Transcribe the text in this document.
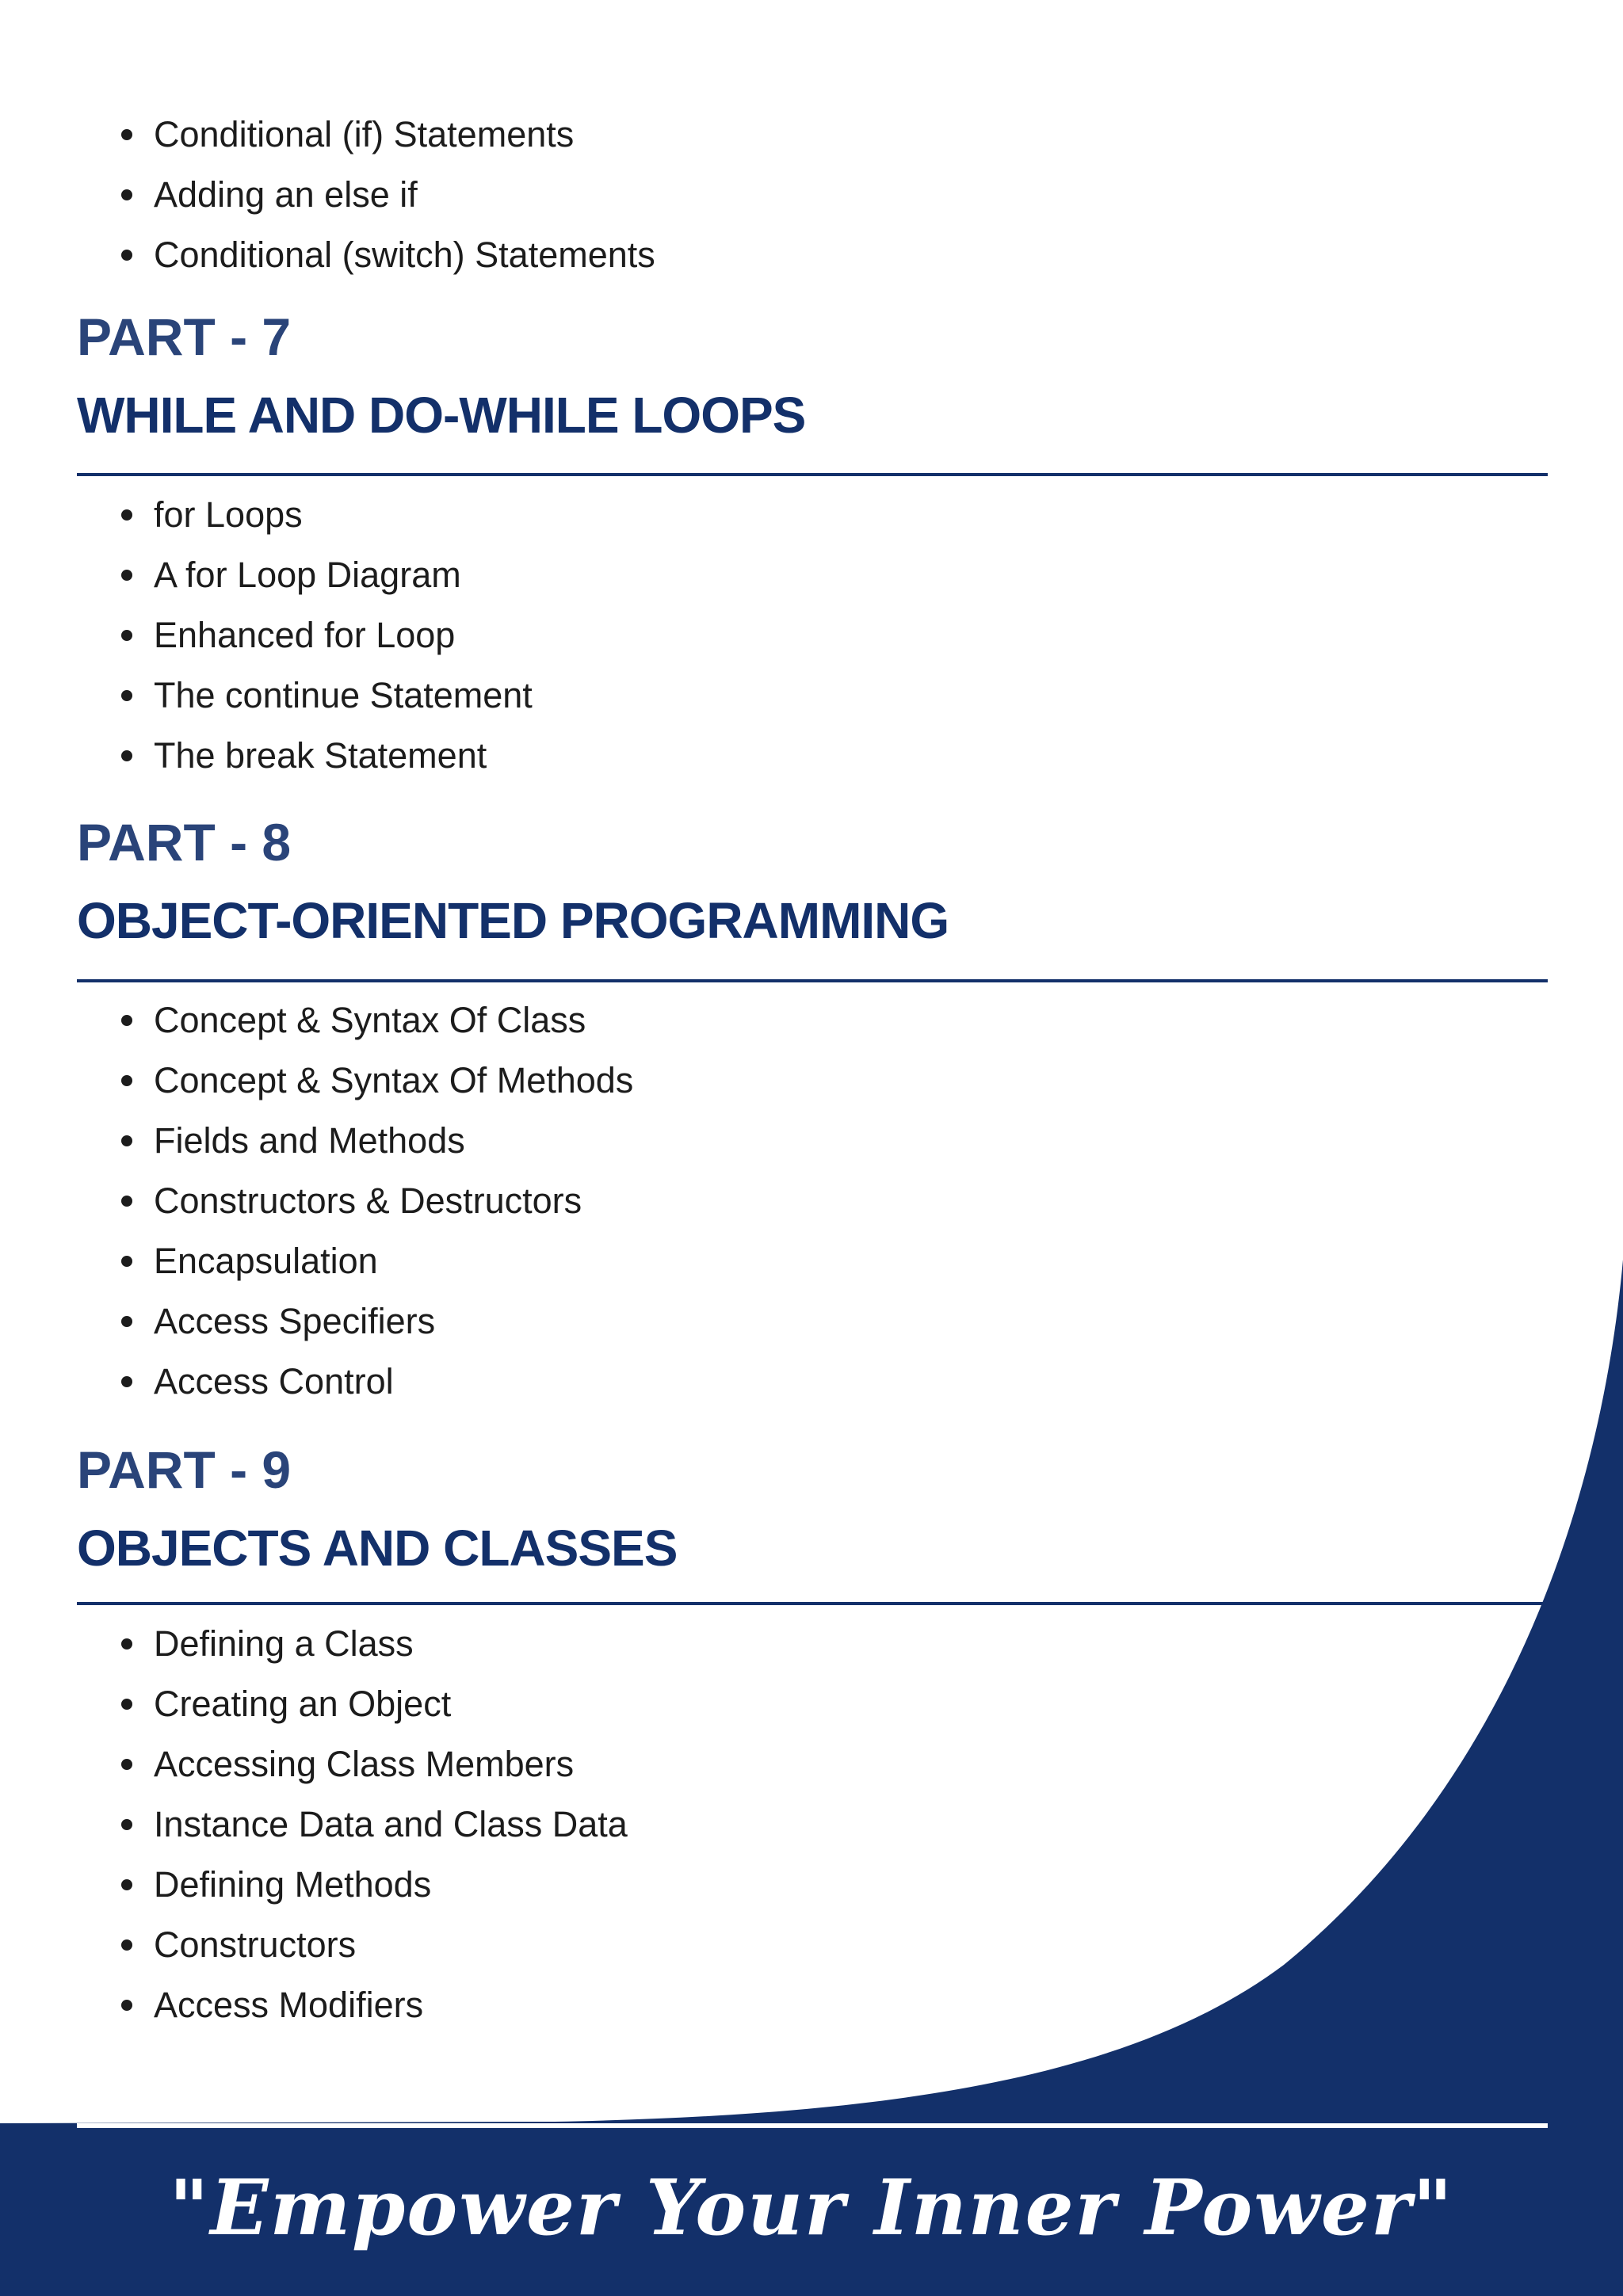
Conditional (if) Statements
Adding an else if
Conditional (switch) Statements
PART - 7
WHILE AND DO-WHILE LOOPS
for Loops
A for Loop Diagram
Enhanced for Loop
The continue Statement
The break Statement
PART - 8
OBJECT-ORIENTED PROGRAMMING
Concept & Syntax Of Class
Concept & Syntax Of Methods
Fields and Methods
Constructors & Destructors
Encapsulation
Access Specifiers
Access Control
PART - 9
OBJECTS AND CLASSES
Defining a Class
Creating an Object
Accessing Class Members
Instance Data and Class Data
Defining Methods
Constructors
Access Modifiers
"Empower Your Inner Power"
